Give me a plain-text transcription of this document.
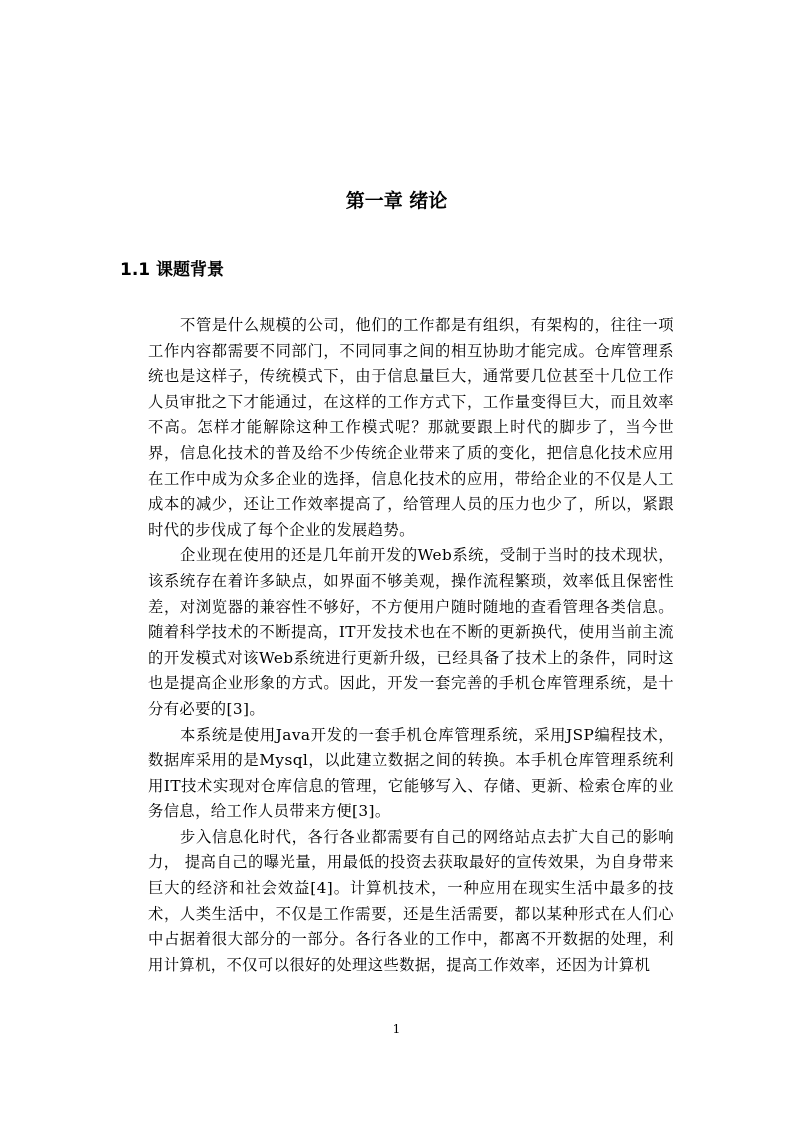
第一章 绪论
1.1 课题背景

不管是什么规模的公司，他们的工作都是有组织，有架构的，往往一项工作内容都需要不同部门，不同同事之间的相互协助才能完成。仓库管理系统也是这样子，传统模式下，由于信息量巨大，通常要几位甚至十几位工作人员审批之下才能通过，在这样的工作方式下，工作量变得巨大，而且效率不高。怎样才能解除这种工作模式呢？那就要跟上时代的脚步了，当今世界，信息化技术的普及给不少传统企业带来了质的变化，把信息化技术应用在工作中成为众多企业的选择，信息化技术的应用，带给企业的不仅是人工成本的减少，还让工作效率提高了，给管理人员的压力也少了，所以，紧跟时代的步伐成了每个企业的发展趋势。

企业现在使用的还是几年前开发的Web系统，受制于当时的技术现状，该系统存在着许多缺点，如界面不够美观，操作流程繁琐，效率低且保密性差，对浏览器的兼容性不够好，不方便用户随时随地的查看管理各类信息。随着科学技术的不断提高，IT开发技术也在不断的更新换代，使用当前主流的开发模式对该Web系统进行更新升级，已经具备了技术上的条件，同时这也是提高企业形象的方式。因此，开发一套完善的手机仓库管理系统，是十分有必要的[3]。

本系统是使用Java开发的一套手机仓库管理系统，采用JSP编程技术，数据库采用的是Mysql，以此建立数据之间的转换。本手机仓库管理系统利用IT技术实现对仓库信息的管理，它能够写入、存储、更新、检索仓库的业务信息，给工作人员带来方便[3]。

步入信息化时代，各行各业都需要有自己的网络站点去扩大自己的影响力， 提高自己的曝光量，用最低的投资去获取最好的宣传效果，为自身带来巨大的经济和社会效益[4]。计算机技术，一种应用在现实生活中最多的技术，人类生活中，不仅是工作需要，还是生活需要，都以某种形式在人们心中占据着很大部分的一部分。各行各业的工作中，都离不开数据的处理，利用计算机，不仅可以很好的处理这些数据，提高工作效率，还因为计算机

1
